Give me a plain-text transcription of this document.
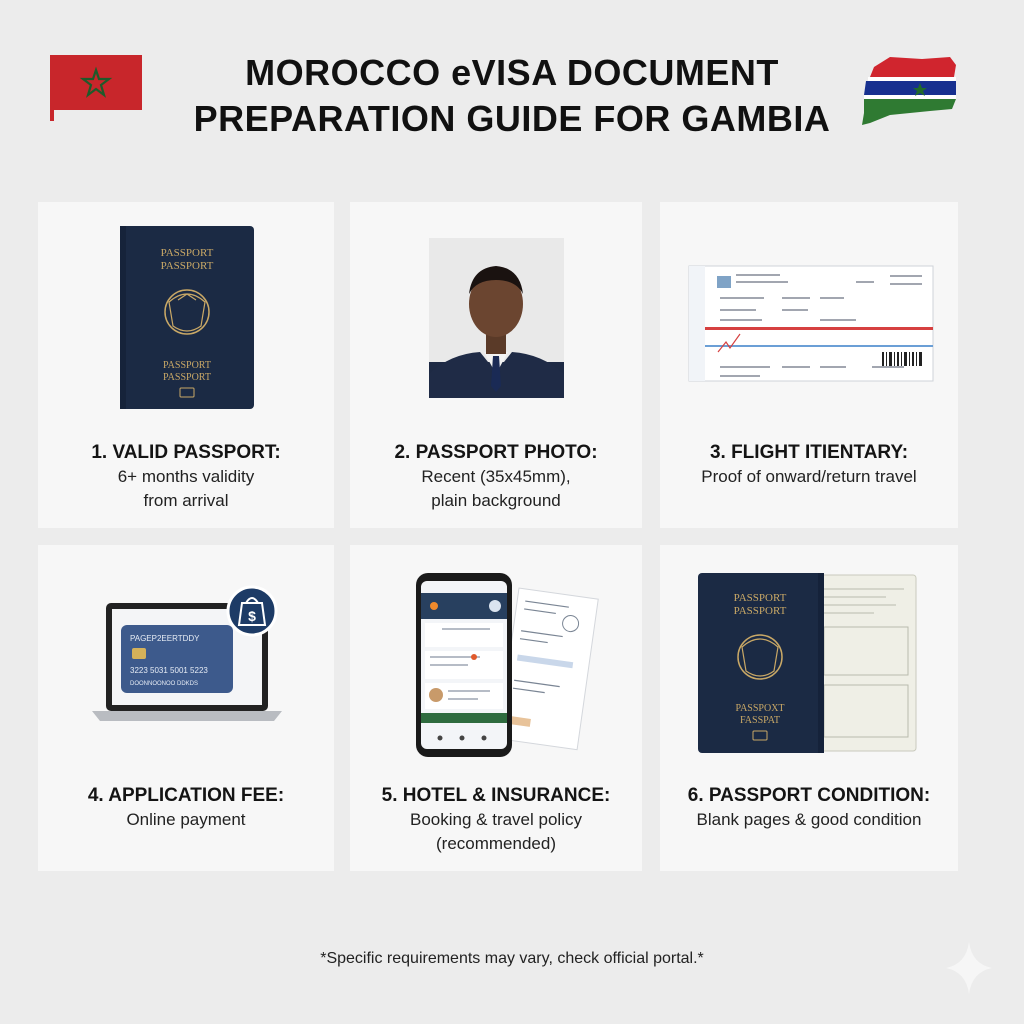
MOROCCO eVISA DOCUMENT
PREPARATION GUIDE FOR GAMBIA
PASSPORT
PASSPORT
PASSPORT
PASSPORT
1. VALID PASSPORT:
6+ months validity
from arrival
2. PASSPORT PHOTO:
Recent (35x45mm),
plain background
3. FLIGHT ITIENTARY:
Proof of onward/return travel
PAGEP2EERTDDY
3223 5031 5001 5223
DOONNOONOO DDKDS
$
4. APPLICATION FEE:
Online payment
5. HOTEL & INSURANCE:
Booking & travel policy
(recommended)
PASSPORT
PASSPORT
PASSPOXT
FASSPAT
6. PASSPORT CONDITION:
Blank pages & good condition
*Specific requirements may vary, check official portal.*
